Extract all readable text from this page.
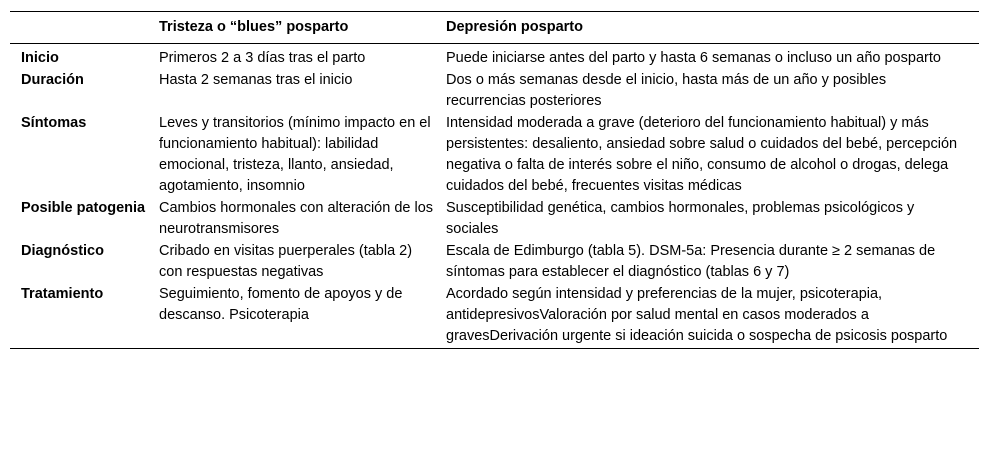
	Tristeza o “blues” posparto	Depresión posparto
Inicio	Primeros 2 a 3 días tras el parto	Puede iniciarse antes del parto y hasta 6 semanas o incluso un año posparto
Duración	Hasta 2 semanas tras el inicio	Dos o más semanas desde el inicio, hasta más de un año y posibles recurrencias posteriores
Síntomas	Leves y transitorios (mínimo impacto en el funcionamiento habitual): labilidad emocional, tristeza, llanto, ansiedad, agotamiento, insomnio	Intensidad moderada a grave (deterioro del funcionamiento habitual) y más persistentes: desaliento, ansiedad sobre salud o cuidados del bebé, percepción negativa o falta de interés sobre el niño, consumo de alcohol o drogas, delega cuidados del bebé, frecuentes visitas médicas
Posible patogenia	Cambios hormonales con alteración de los neurotransmisores	Susceptibilidad genética, cambios hormonales, problemas psicológicos y sociales
Diagnóstico	Cribado en visitas puerperales (tabla 2) con respuestas negativas	Escala de Edimburgo (tabla 5). DSM-5a: Presencia durante ≥ 2 semanas de síntomas para establecer el diagnóstico (tablas 6 y 7)
Tratamiento	Seguimiento, fomento de apoyos y de descanso. Psicoterapia	Acordado según intensidad y preferencias de la mujer, psicoterapia, antidepresivosValoración por salud mental en casos moderados a gravesDerivación urgente si ideación suicida o sospecha de psicosis posparto
